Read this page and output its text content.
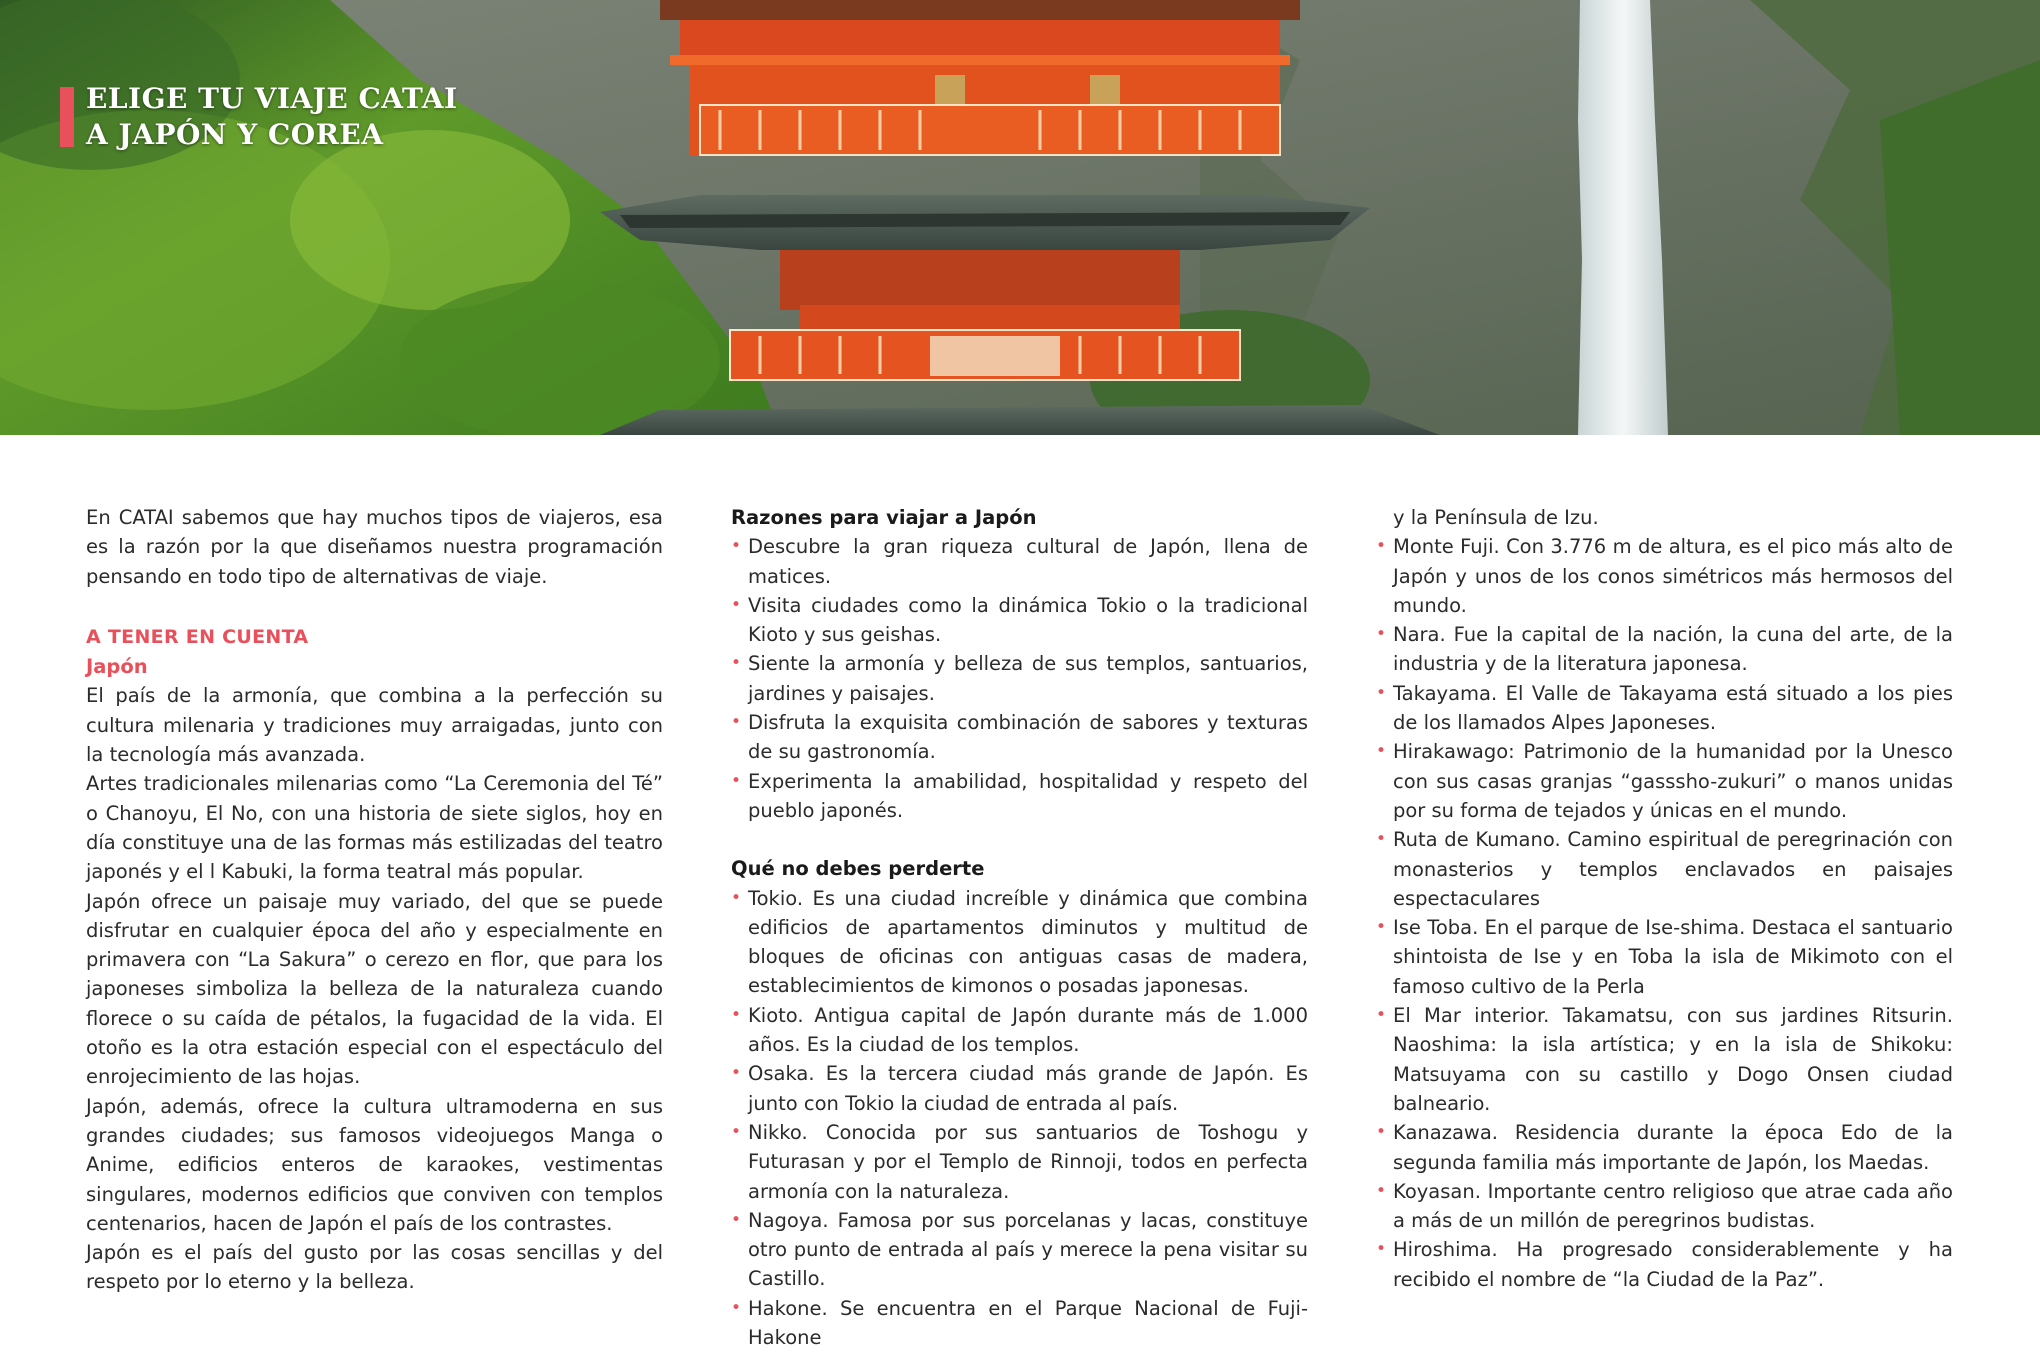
ELIGE TU VIAJE CATAI
A JAPÓN Y COREA

En CATAI sabemos que hay muchos tipos de viajeros, esa es la razón por la que diseñamos nuestra programación pensando en todo tipo de alternativas de viaje.

A TENER EN CUENTA

Japón

El país de la armonía, que combina a la perfección su cultura milenaria y tradiciones muy arraigadas, junto con la tecnología más avanzada.

Artes tradicionales milenarias como “La Ceremonia del Té” o Chanoyu, El No, con una historia de siete siglos, hoy en día constituye una de las formas más estilizadas del teatro japonés y el l Kabuki, la forma teatral más popular.

Japón ofrece un paisaje muy variado, del que se puede disfrutar en cualquier época del año y especialmente en primavera con “La Sakura” o cerezo en flor, que para los japoneses simboliza la belleza de la naturaleza cuando florece o su caída de pétalos, la fugacidad de la vida. El otoño es la otra estación especial con el espectáculo del enrojecimiento de las hojas.

Japón, además, ofrece la cultura ultramoderna en sus grandes ciudades; sus famosos videojuegos Manga o Anime, edificios enteros de karaokes, vestimentas singulares, modernos edificios que conviven con templos centenarios, hacen de Japón el país de los contrastes.

Japón es el país del gusto por las cosas sencillas y del respeto por lo eterno y la belleza.

Razones para viajar a Japón

• Descubre la gran riqueza cultural de Japón, llena de matices.
• Visita ciudades como la dinámica Tokio o la tradicional Kioto y sus geishas.
• Siente la armonía y belleza de sus templos, santuarios, jardines y paisajes.
• Disfruta la exquisita combinación de sabores y texturas de su gastronomía.
• Experimenta la amabilidad, hospitalidad y respeto del pueblo japonés.

Qué no debes perderte

• Tokio. Es una ciudad increíble y dinámica que combina edificios de apartamentos diminutos y multitud de bloques de oficinas con antiguas casas de madera, establecimientos de kimonos o posadas japonesas.
• Kioto. Antigua capital de Japón durante más de 1.000 años. Es la ciudad de los templos.
• Osaka. Es la tercera ciudad más grande de Japón. Es junto con Tokio la ciudad de entrada al país.
• Nikko. Conocida por sus santuarios de Toshogu y Futurasan y por el Templo de Rinnoji, todos en perfecta armonía con la naturaleza.
• Nagoya. Famosa por sus porcelanas y lacas, constituye otro punto de entrada al país y merece la pena visitar su Castillo.
• Hakone. Se encuentra en el Parque Nacional de Fuji-Hakone
y la Península de Izu.
• Monte Fuji. Con 3.776 m de altura, es el pico más alto de Japón y unos de los conos simétricos más hermosos del mundo.
• Nara. Fue la capital de la nación, la cuna del arte, de la industria y de la literatura japonesa.
• Takayama. El Valle de Takayama está situado a los pies de los llamados Alpes Japoneses.
• Hirakawago: Patrimonio de la humanidad por la Unesco con sus casas granjas “gasssho-zukuri” o manos unidas por su forma de tejados y únicas en el mundo.
• Ruta de Kumano. Camino espiritual de peregrinación con monasterios y templos enclavados en paisajes espectaculares
• Ise Toba. En el parque de Ise-shima. Destaca el santuario shintoista de Ise y en Toba la isla de Mikimoto con el famoso cultivo de la Perla
• El Mar interior. Takamatsu, con sus jardines Ritsurin. Naoshima: la isla artística; y en la isla de Shikoku: Matsuyama con su castillo y Dogo Onsen ciudad balneario.
• Kanazawa. Residencia durante la época Edo de la segunda familia más importante de Japón, los Maedas.
• Koyasan. Importante centro religioso que atrae cada año a más de un millón de peregrinos budistas.
• Hiroshima. Ha progresado considerablemente y ha recibido el nombre de “la Ciudad de la Paz”.
